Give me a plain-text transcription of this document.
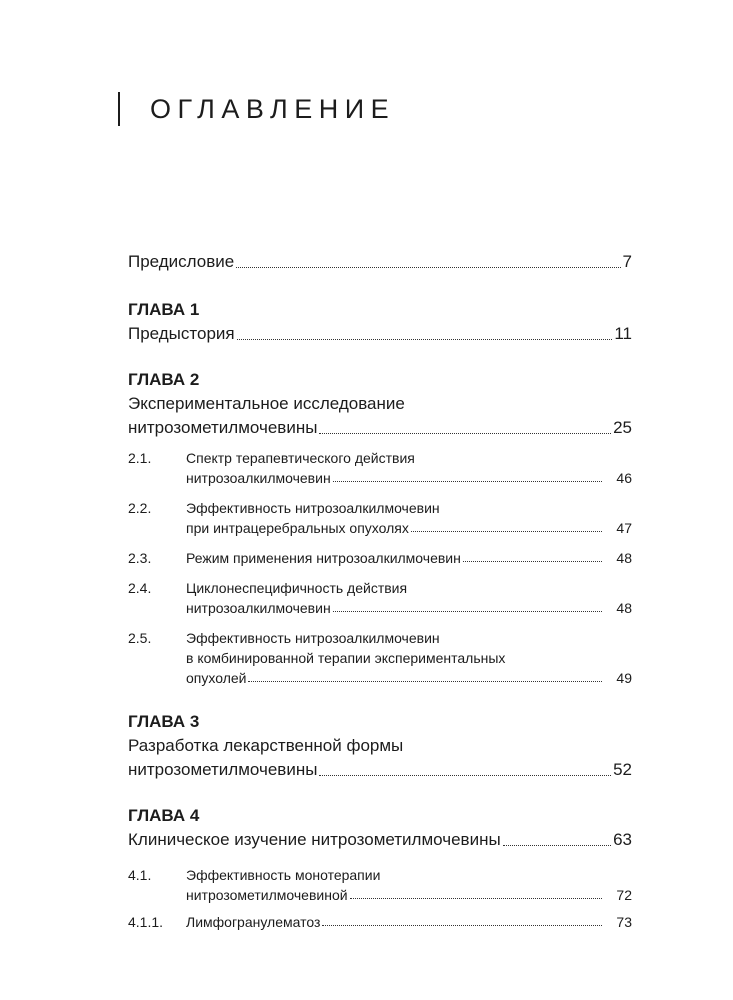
ОГЛАВЛЕНИЕ
Предисловие	7
ГЛАВА 1
Предыстория	11
ГЛАВА 2
Экспериментальное исследование
нитрозометилмочевины	25
2.1.	Спектр терапевтического действия
нитрозоалкилмочевин	46
2.2.	Эффективность нитрозоалкилмочевин
при интрацеребральных опухолях	47
2.3.	Режим применения нитрозоалкилмочевин	48
2.4.	Циклонеспецифичность действия
нитрозоалкилмочевин	48
2.5.	Эффективность нитрозоалкилмочевин
в комбинированной терапии экспериментальных
опухолей	49
ГЛАВА 3
Разработка лекарственной формы
нитрозометилмочевины	52
ГЛАВА 4
Клиническое изучение нитрозометилмочевины	63
4.1.	Эффективность монотерапии
нитрозометилмочевиной	72
4.1.1.	Лимфогранулематоз	73
